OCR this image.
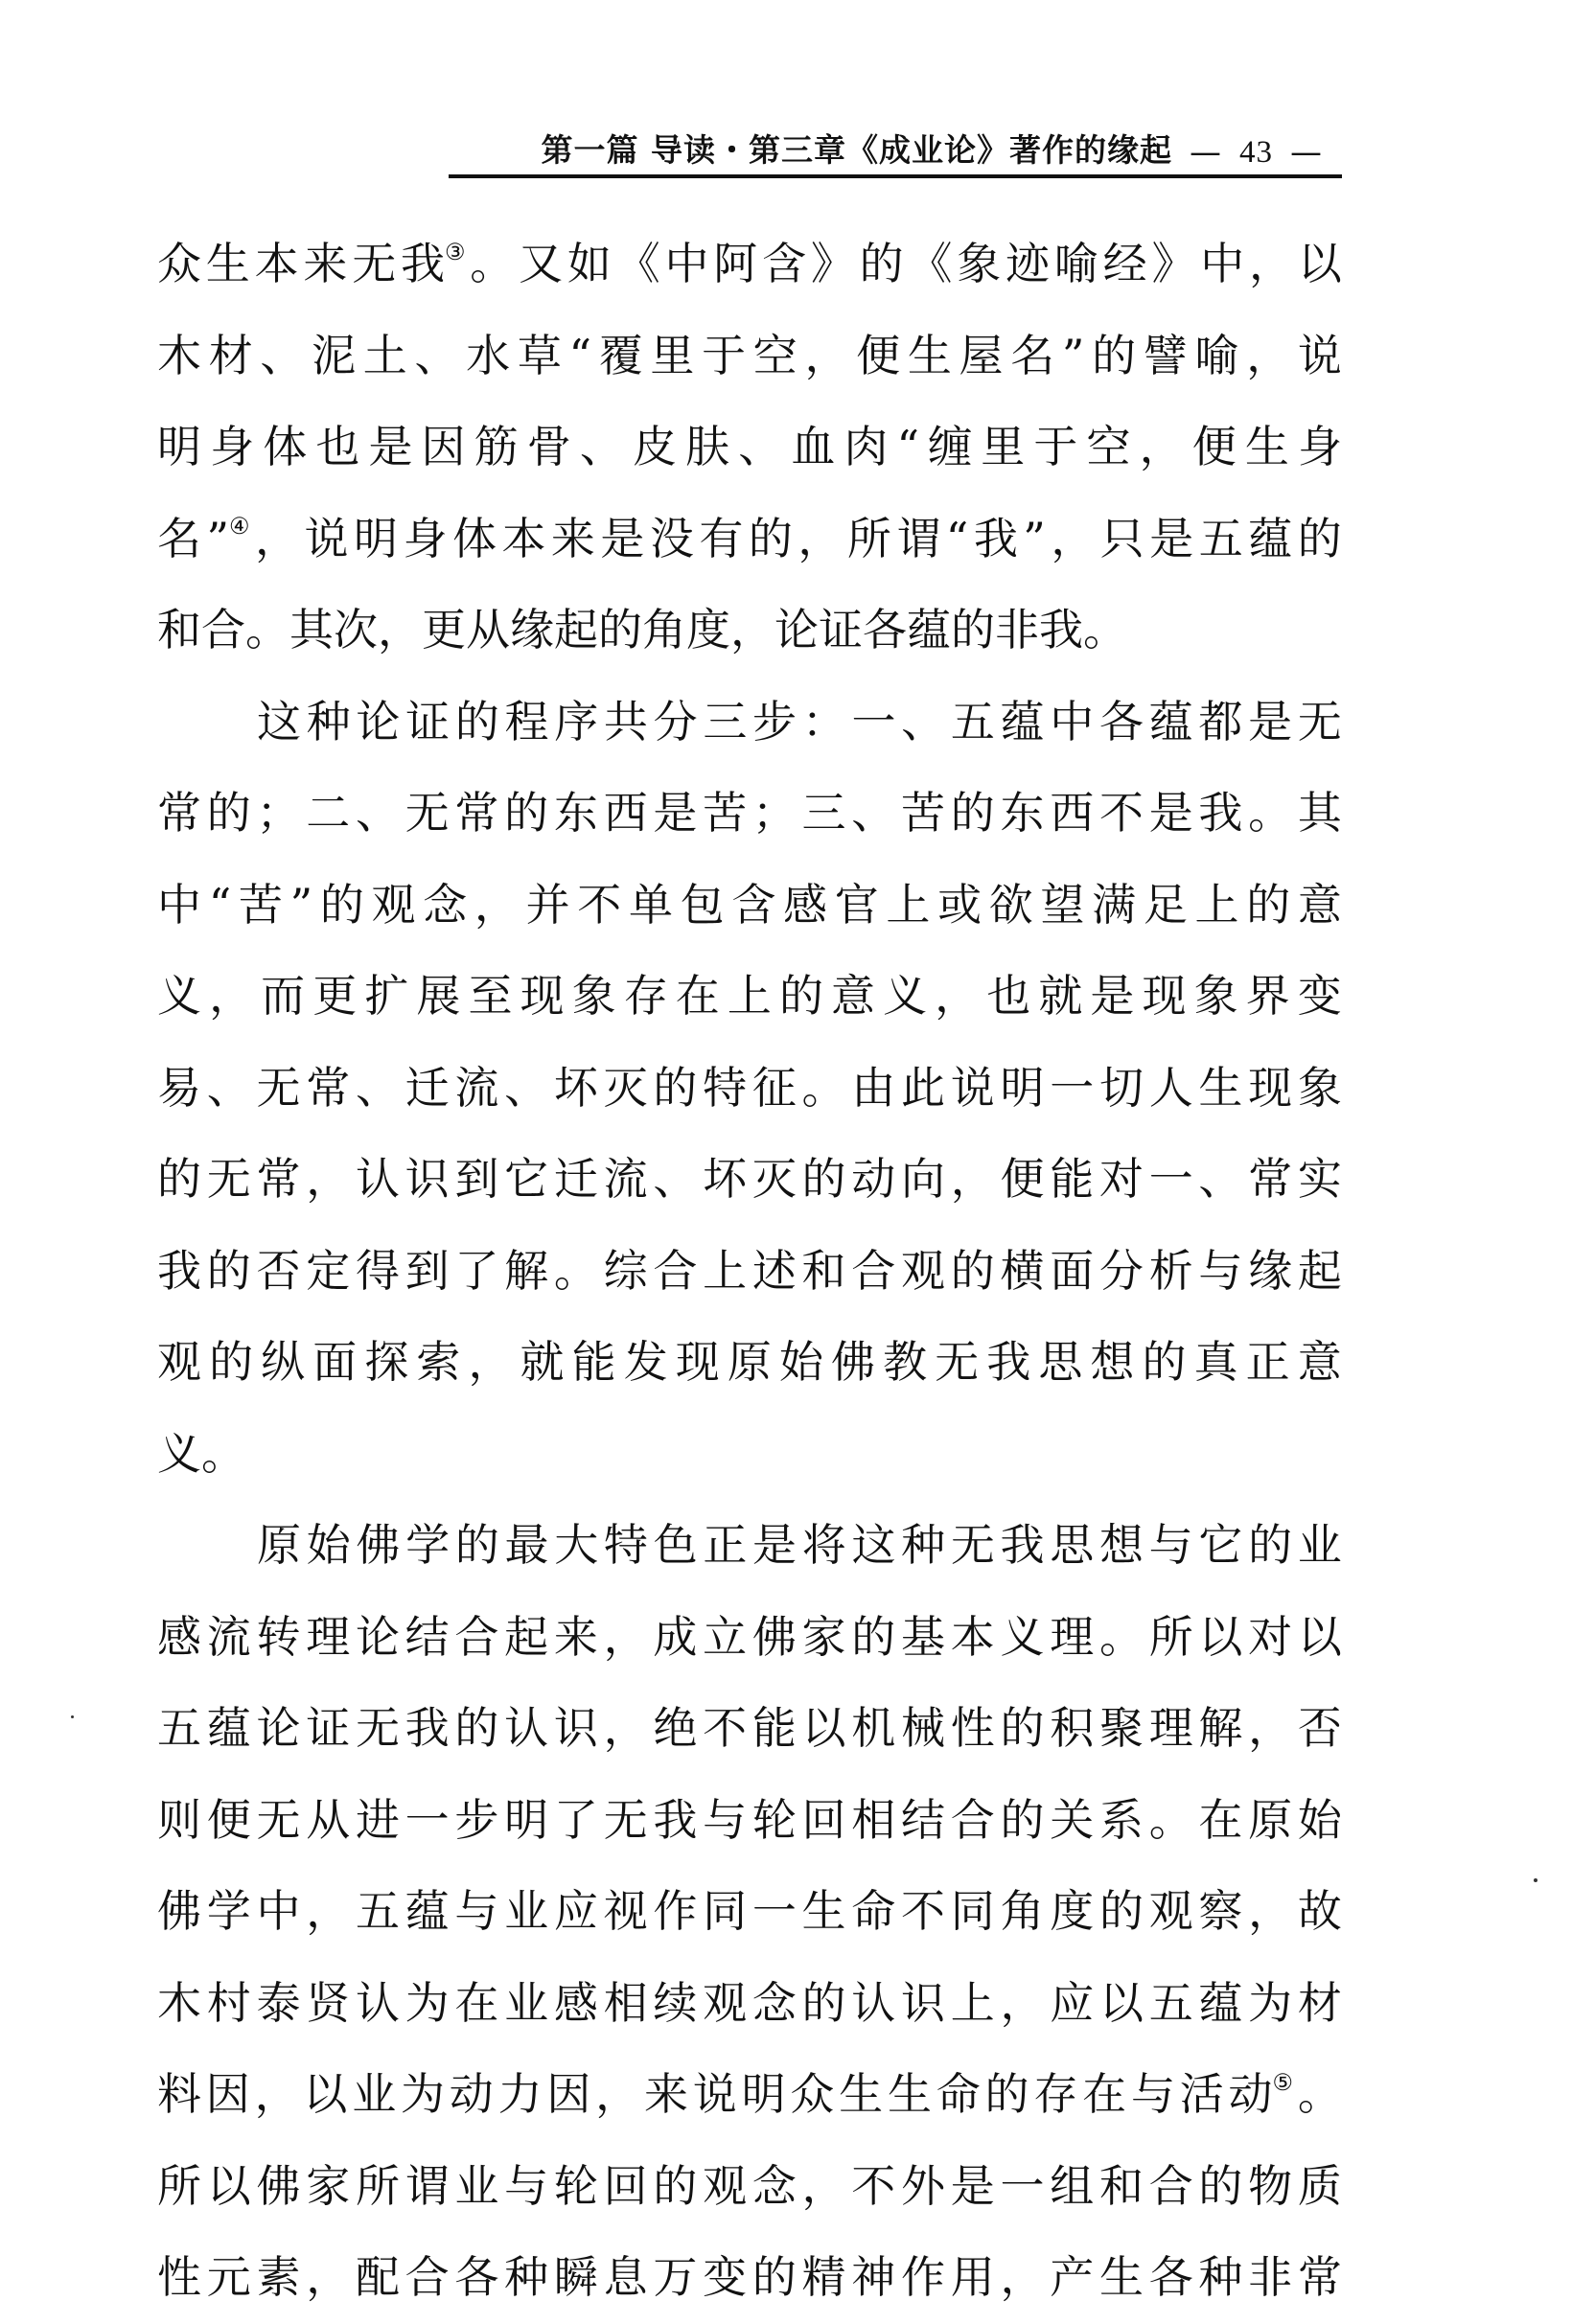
第一篇 导读・第三章《成业论》著作的缘起 — 43 —
众 生 本 来 无 我③ 。 又 如 《 中 阿 含 》 的 《 象 迹 喻 经 》 中 ， 以
木 材 、 泥 土 、 水 草 “ 覆 里 于 空 ， 便 生 屋 名 ” 的 譬 喻 ， 说
明 身 体 也 是 因 筋 骨 、 皮 肤 、 血 肉 “ 缠 里 于 空 ， 便 生 身
名 ”④ ， 说 明 身 体 本 来 是 没 有 的 ， 所 谓 “ 我 ” ， 只 是 五 蕴 的
和 合 。 其 次 ， 更 从 缘 起 的 角 度 ， 论 证 各 蕴 的 非 我 。
这 种 论 证 的 程 序 共 分 三 步 ： 一 、 五 蕴 中 各 蕴 都 是 无
常 的 ； 二 、 无 常 的 东 西 是 苦 ； 三 、 苦 的 东 西 不 是 我 。 其
中 “ 苦 ” 的 观 念 ， 并 不 单 包 含 感 官 上 或 欲 望 满 足 上 的 意
义 ， 而 更 扩 展 至 现 象 存 在 上 的 意 义 ， 也 就 是 现 象 界 变
易 、 无 常 、 迁 流 、 坏 灭 的 特 征 。 由 此 说 明 一 切 人 生 现 象
的 无 常 ， 认 识 到 它 迁 流 、 坏 灭 的 动 向 ， 便 能 对 一 、 常 实
我 的 否 定 得 到 了 解 。 综 合 上 述 和 合 观 的 横 面 分 析 与 缘 起
观 的 纵 面 探 索 ， 就 能 发 现 原 始 佛 教 无 我 思 想 的 真 正 意
义 。
原 始 佛 学 的 最 大 特 色 正 是 将 这 种 无 我 思 想 与 它 的 业
感 流 转 理 论 结 合 起 来 ， 成 立 佛 家 的 基 本 义 理 。 所 以 对 以
五 蕴 论 证 无 我 的 认 识 ， 绝 不 能 以 机 械 性 的 积 聚 理 解 ， 否
则 便 无 从 进 一 步 明 了 无 我 与 轮 回 相 结 合 的 关 系 。 在 原 始
佛 学 中 ， 五 蕴 与 业 应 视 作 同 一 生 命 不 同 角 度 的 观 察 ， 故
木 村 泰 贤 认 为 在 业 感 相 续 观 念 的 认 识 上 ， 应 以 五 蕴 为 材
料 因 ， 以 业 为 动 力 因 ， 来 说 明 众 生 生 命 的 存 在 与 活 动⑤ 。
所 以 佛 家 所 谓 业 与 轮 回 的 观 念 ， 不 外 是 一 组 和 合 的 物 质
性 元 素 ， 配 合 各 种 瞬 息 万 变 的 精 神 作 用 ， 产 生 各 种 非 常
